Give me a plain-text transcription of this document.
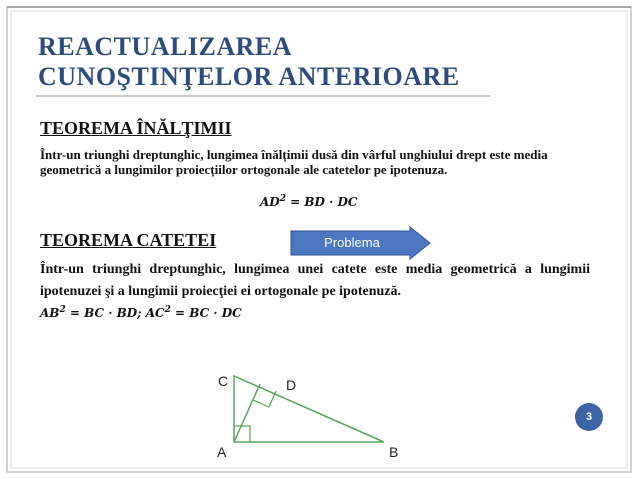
REACTUALIZAREA
CUNOŞTINŢELOR ANTERIOARE
TEOREMA ÎNĂLŢIMII
Într-un triunghi dreptunghic, lungimea înălțimii dusă din vârful unghiului drept este media geometrică a lungimilor proiecțiilor ortogonale ale catetelor pe ipotenuza.
$AD^2$ = BD · DC
TEOREMA CATETEI	Problema
Într-un triunghi dreptunghic, lungimea unei catete este media geometrică a lungimii ipotenuzei şi a lungimii proiecţiei ei ortogonale pe ipotenuză.
$AB^2$ = BC · BD; $AC^2$ = BC · DC
C	D
A	B
3
